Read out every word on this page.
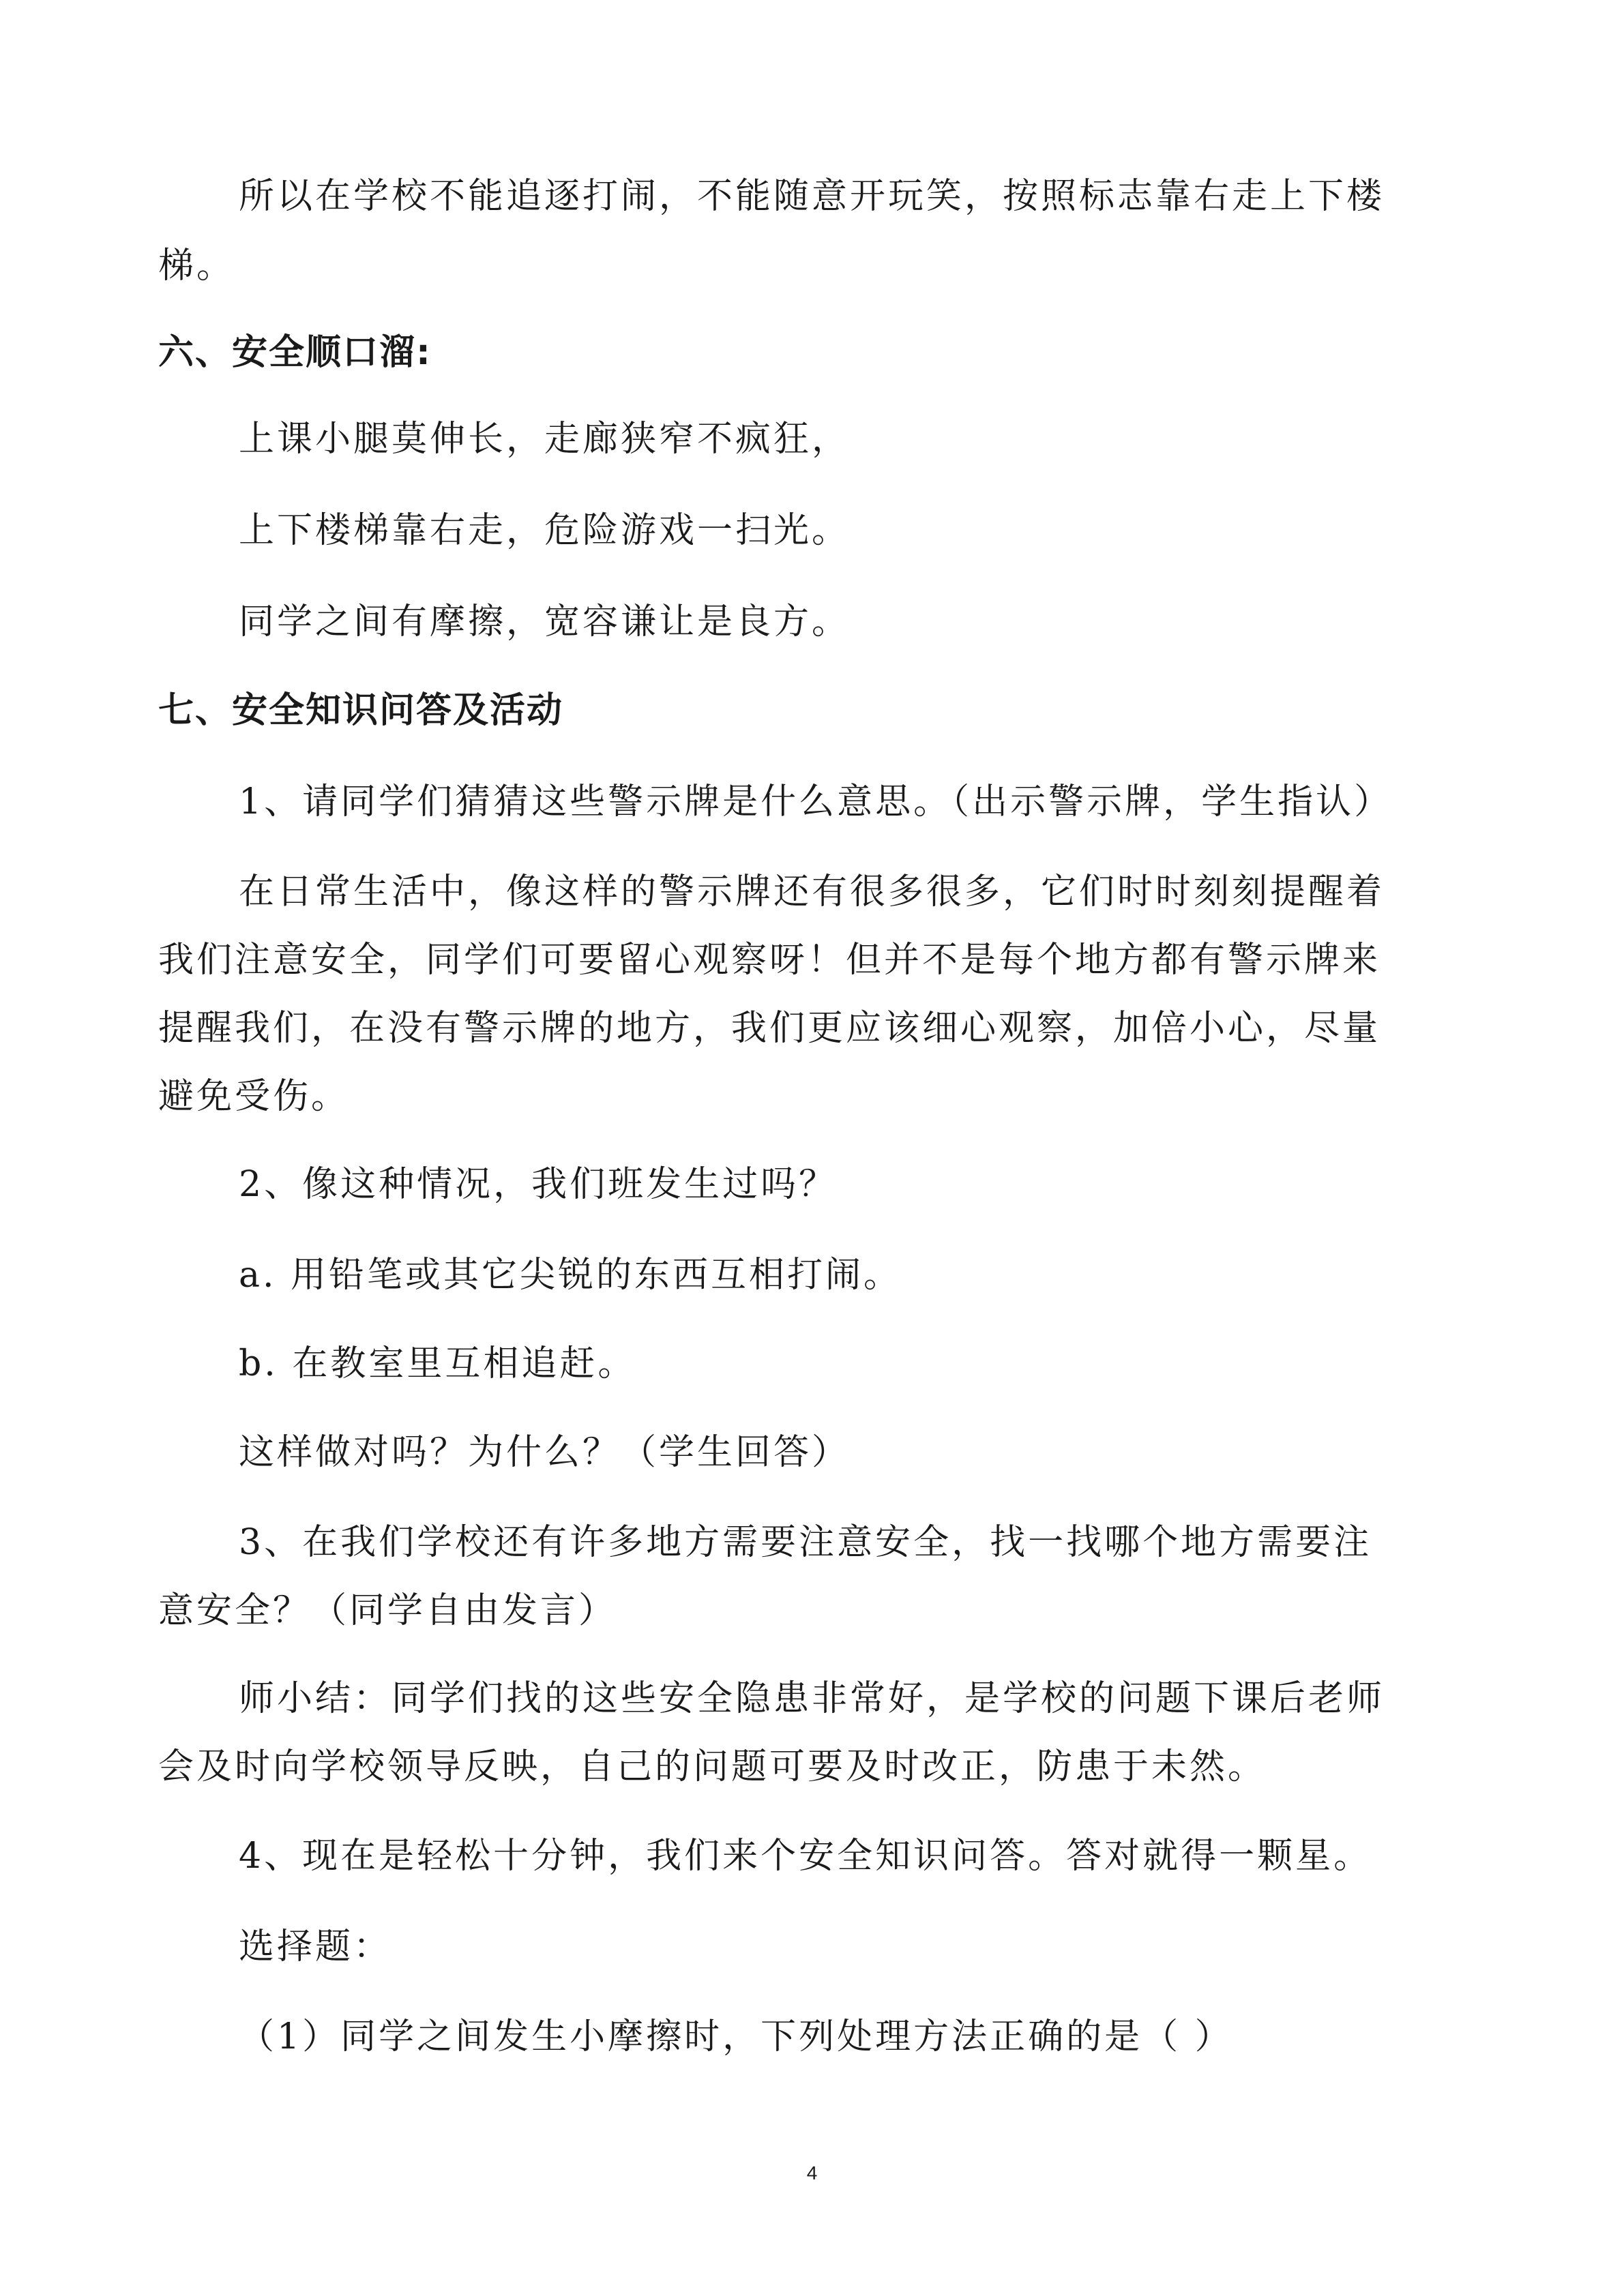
所以在学校不能追逐打闹，不能随意开玩笑，按照标志靠右走上下楼
梯。
六、安全顺口溜:
上课小腿莫伸长，走廊狭窄不疯狂，
上下楼梯靠右走，危险游戏一扫光。
同学之间有摩擦，宽容谦让是良方。
七、安全知识问答及活动
1、请同学们猜猜这些警示牌是什么意思。（出示警示牌，学生指认）
在日常生活中，像这样的警示牌还有很多很多，它们时时刻刻提醒着
我们注意安全，同学们可要留心观察呀！但并不是每个地方都有警示牌来
提醒我们，在没有警示牌的地方，我们更应该细心观察，加倍小心，尽量
避免受伤。
2、像这种情况，我们班发生过吗？
a. 用铅笔或其它尖锐的东西互相打闹。
b. 在教室里互相追赶。
这样做对吗？为什么？（学生回答）
3、在我们学校还有许多地方需要注意安全，找一找哪个地方需要注
意安全？（同学自由发言）
师小结：同学们找的这些安全隐患非常好，是学校的问题下课后老师
会及时向学校领导反映，自己的问题可要及时改正，防患于未然。
4、现在是轻松十分钟，我们来个安全知识问答。答对就得一颗星。
选择题：
（1）同学之间发生小摩擦时，下列处理方法正确的是（ ）
4
